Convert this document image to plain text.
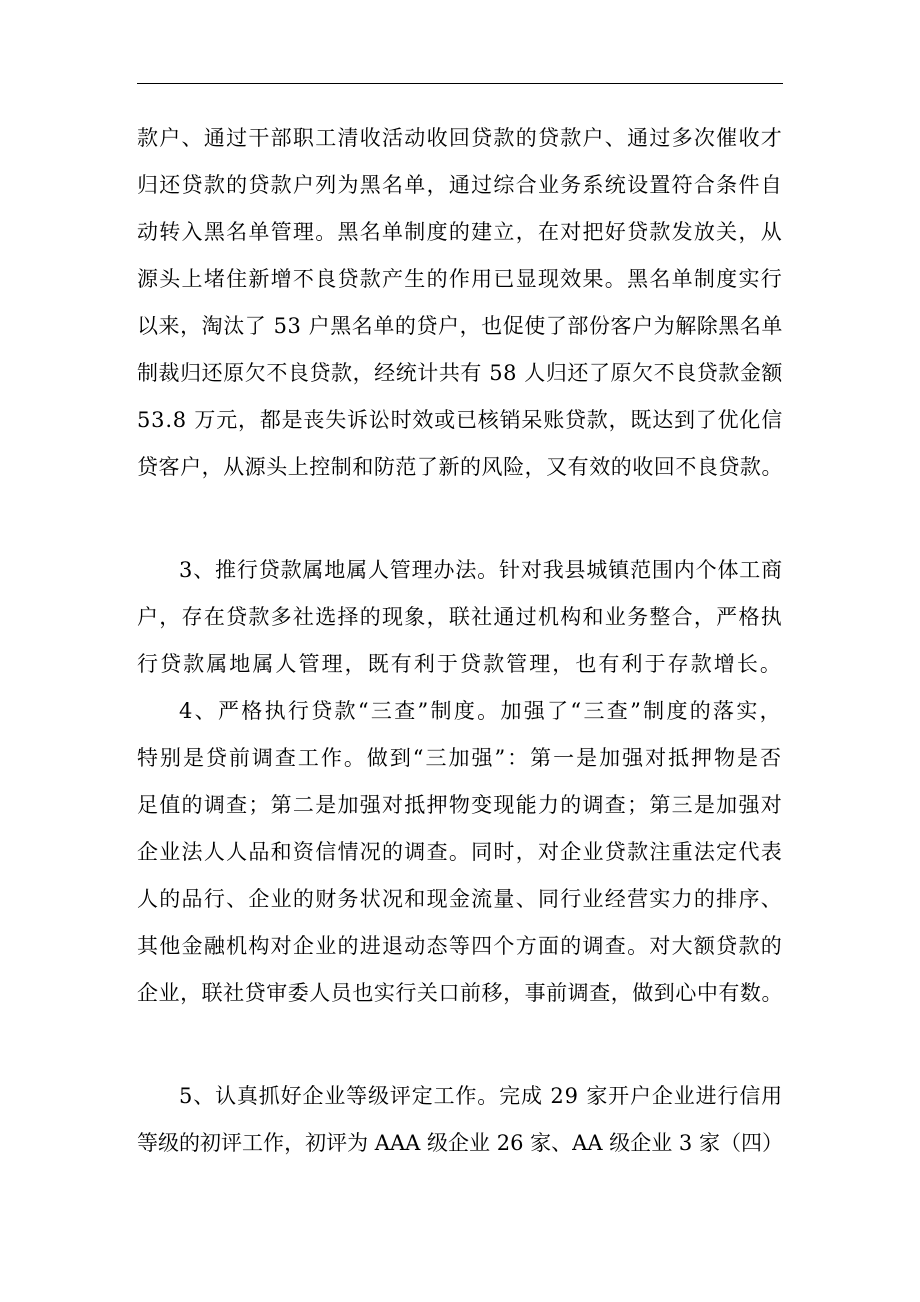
款户、通过干部职工清收活动收回贷款的贷款户、通过多次催收才
归还贷款的贷款户列为黑名单，通过综合业务系统设置符合条件自
动转入黑名单管理。黑名单制度的建立，在对把好贷款发放关，从
源头上堵住新增不良贷款产生的作用已显现效果。黑名单制度实行
以来，淘汰了 53 户黑名单的贷户，也促使了部份客户为解除黑名单
制裁归还原欠不良贷款，经统计共有 58 人归还了原欠不良贷款金额
53.8 万元，都是丧失诉讼时效或已核销呆账贷款，既达到了优化信
贷客户，从源头上控制和防范了新的风险，又有效的收回不良贷款。
3、推行贷款属地属人管理办法。针对我县城镇范围内个体工商
户，存在贷款多社选择的现象，联社通过机构和业务整合，严格执
行贷款属地属人管理，既有利于贷款管理，也有利于存款增长。
4、严格执行贷款“三查”制度。加强了“三查”制度的落实，
特别是贷前调查工作。做到“三加强”：第一是加强对抵押物是否
足值的调查；第二是加强对抵押物变现能力的调查；第三是加强对
企业法人人品和资信情况的调查。同时，对企业贷款注重法定代表
人的品行、企业的财务状况和现金流量、同行业经营实力的排序、
其他金融机构对企业的进退动态等四个方面的调查。对大额贷款的
企业，联社贷审委人员也实行关口前移，事前调查，做到心中有数。
5、认真抓好企业等级评定工作。完成 29 家开户企业进行信用
等级的初评工作，初评为 AAA 级企业 26 家、AA 级企业 3 家（四）
